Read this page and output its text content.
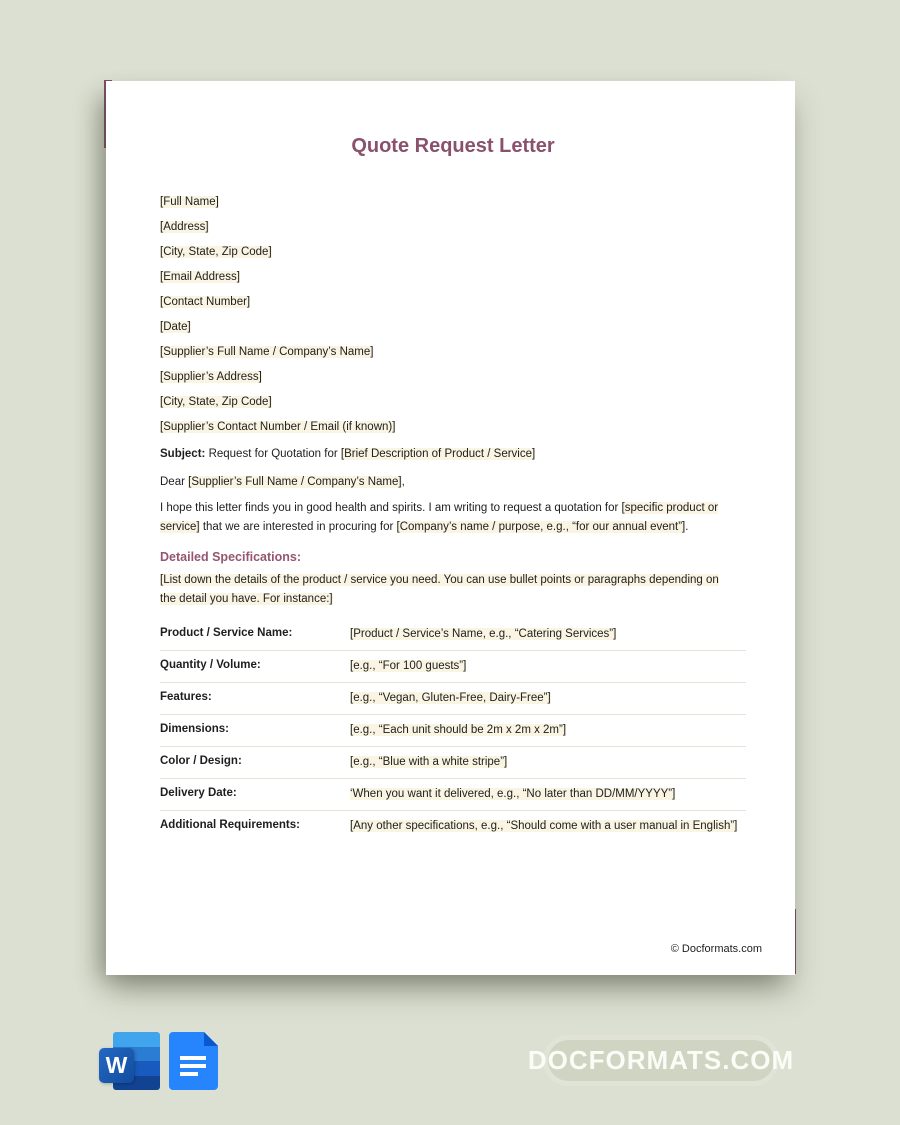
Quote Request Letter

[Full Name]

[Address]

[City, State, Zip Code]

[Email Address]

[Contact Number]

[Date]

[Supplier’s Full Name / Company’s Name]

[Supplier’s Address]

[City, State, Zip Code]

[Supplier’s Contact Number / Email (if known)]

Subject: Request for Quotation for [Brief Description of Product / Service]

Dear [Supplier’s Full Name / Company’s Name],

I hope this letter finds you in good health and spirits. I am writing to request a quotation for [specific product or service] that we are interested in procuring for [Company’s name / purpose, e.g., “for our annual event”].

Detailed Specifications:

[List down the details of the product / service you need. You can use bullet points or paragraphs depending on the detail you have. For instance:]

Product / Service Name:	[Product / Service’s Name, e.g., “Catering Services”]
Quantity / Volume:	[e.g., “For 100 guests”]
Features:	[e.g., “Vegan, Gluten-Free, Dairy-Free”]
Dimensions:	[e.g., “Each unit should be 2m x 2m x 2m”]
Color / Design:	[e.g., “Blue with a white stripe”]
Delivery Date:	‘When you want it delivered, e.g., “No later than DD/MM/YYYY”]
Additional Requirements:	[Any other specifications, e.g., “Should come with a user manual in English”]
© Docformats.com
W	DOCFORMATS.COM
